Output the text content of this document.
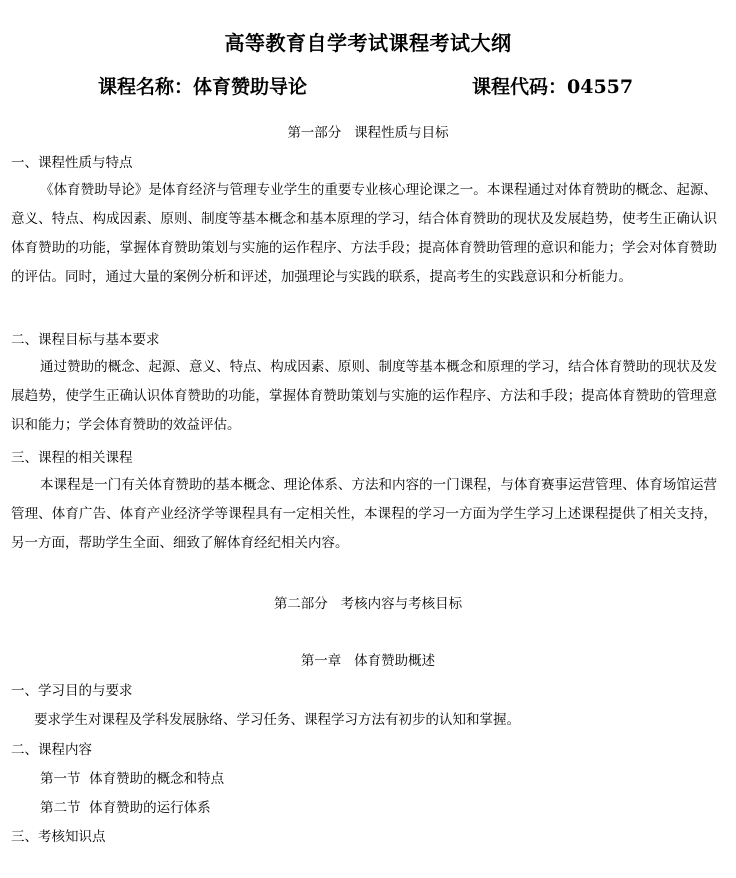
高等教育自学考试课程考试大纲
课程名称：体育赞助导论	课程代码：04557
第一部分   课程性质与目标
一、课程性质与特点

《体育赞助导论》是体育经济与管理专业学生的重要专业核心理论课之一。本课程通过对体育赞助的概念、起源、意义、特点、构成因素、原则、制度等基本概念和基本原理的学习，结合体育赞助的现状及发展趋势，使考生正确认识体育赞助的功能，掌握体育赞助策划与实施的运作程序、方法手段；提高体育赞助管理的意识和能力；学会对体育赞助的评估。同时，通过大量的案例分析和评述，加强理论与实践的联系，提高考生的实践意识和分析能力。

二、课程目标与基本要求

通过赞助的概念、起源、意义、特点、构成因素、原则、制度等基本概念和原理的学习，结合体育赞助的现状及发展趋势，使学生正确认识体育赞助的功能，掌握体育赞助策划与实施的运作程序、方法和手段；提高体育赞助的管理意识和能力；学会体育赞助的效益评估。

三、课程的相关课程

本课程是一门有关体育赞助的基本概念、理论体系、方法和内容的一门课程，与体育赛事运营管理、体育场馆运营管理、体育广告、体育产业经济学等课程具有一定相关性，本课程的学习一方面为学生学习上述课程提供了相关支持，另一方面，帮助学生全面、细致了解体育经纪相关内容。

第二部分   考核内容与考核目标
第一章   体育赞助概述
一、学习目的与要求
要求学生对课程及学科发展脉络、学习任务、课程学习方法有初步的认知和掌握。
二、课程内容
第一节  体育赞助的概念和特点
第二节  体育赞助的运行体系
三、考核知识点
